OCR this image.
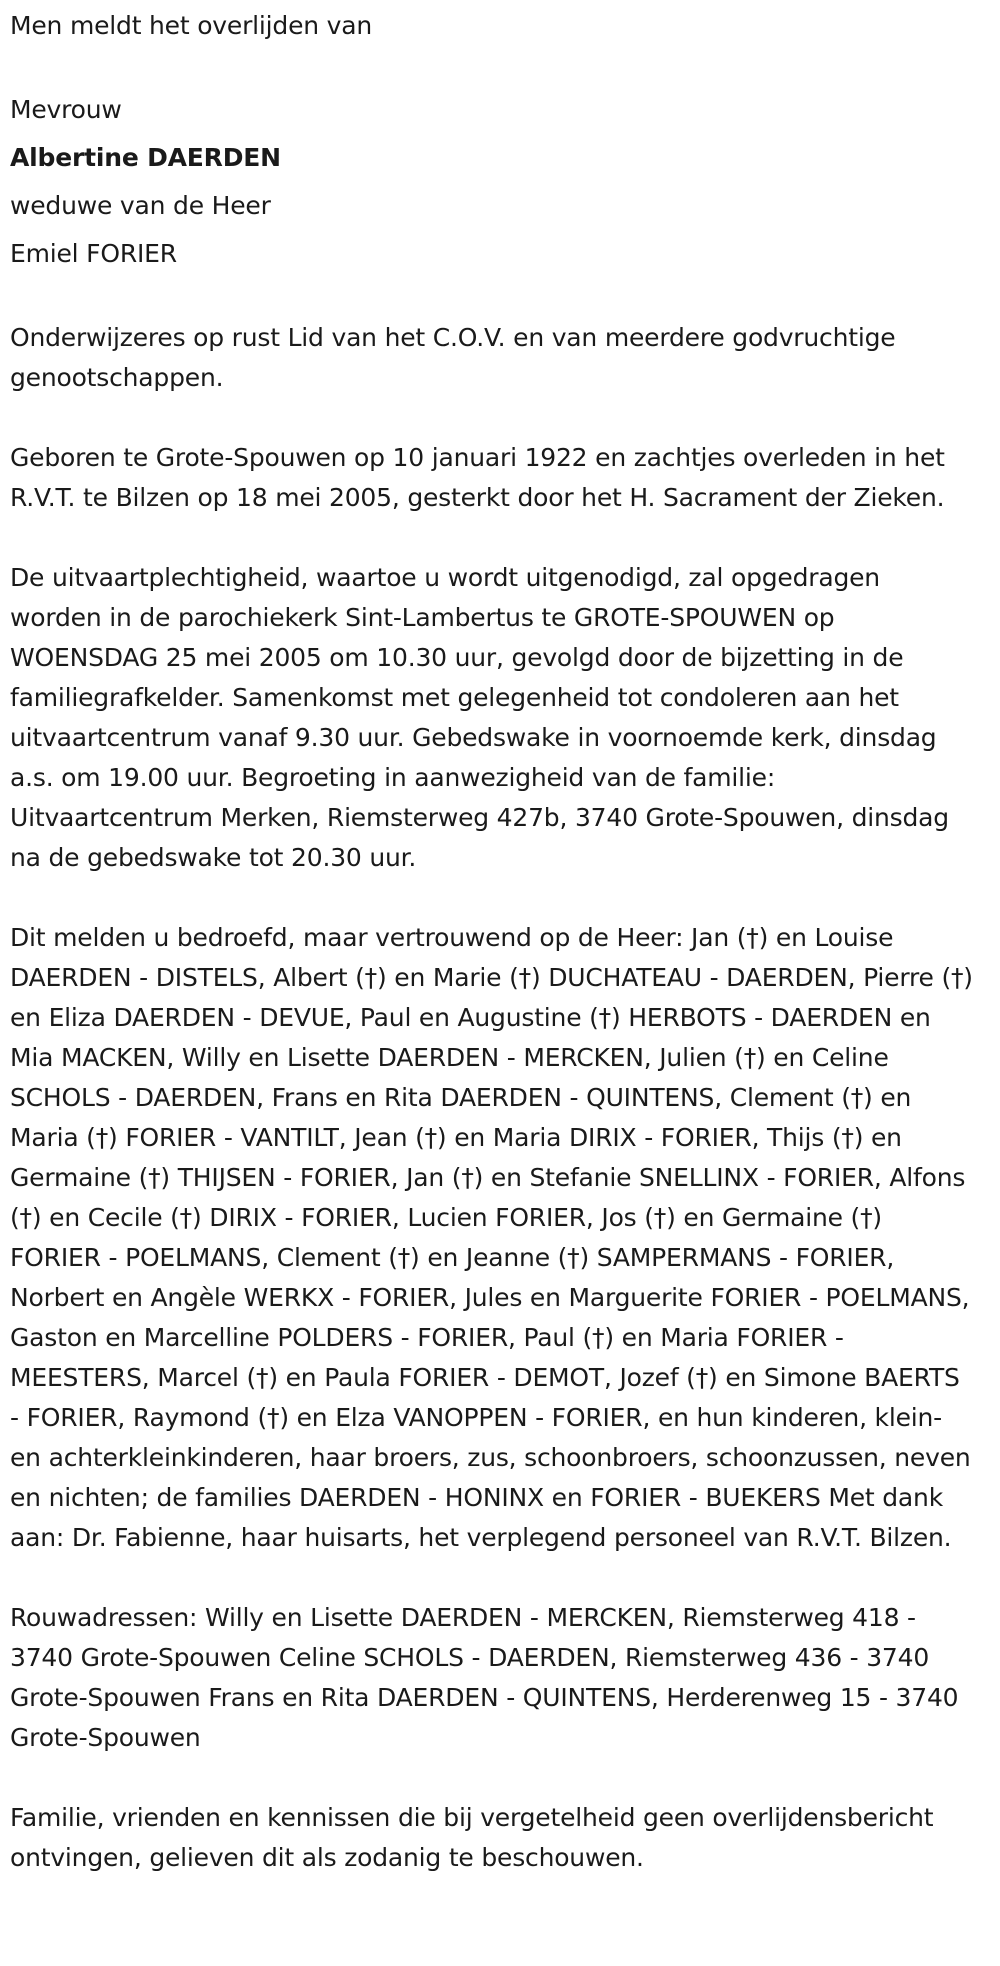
Men meldt het overlijden van

Mevrouw

Albertine DAERDEN

weduwe van de Heer

Emiel FORIER

Onderwijzeres op rust Lid van het C.O.V. en van meerdere godvruchtige genootschappen.

Geboren te Grote-Spouwen op 10 januari 1922 en zachtjes overleden in het R.V.T. te Bilzen op 18 mei 2005, gesterkt door het H. Sacrament der Zieken.

De uitvaartplechtigheid, waartoe u wordt uitgenodigd, zal opgedragen worden in de parochiekerk Sint-Lambertus te GROTE-SPOUWEN op WOENSDAG 25 mei 2005 om 10.30 uur, gevolgd door de bijzetting in de familiegrafkelder. Samenkomst met gelegenheid tot condoleren aan het uitvaartcentrum vanaf 9.30 uur. Gebedswake in voornoemde kerk, dinsdag a.s. om 19.00 uur. Begroeting in aanwezigheid van de familie: Uitvaartcentrum Merken, Riemsterweg 427b, 3740 Grote-Spouwen, dinsdag na de gebedswake tot 20.30 uur.

Dit melden u bedroefd, maar vertrouwend op de Heer: Jan (†) en Louise DAERDEN - DISTELS, Albert (†) en Marie (†) DUCHATEAU - DAERDEN, Pierre (†) en Eliza DAERDEN - DEVUE, Paul en Augustine (†) HERBOTS - DAERDEN en Mia MACKEN, Willy en Lisette DAERDEN - MERCKEN, Julien (†) en Celine SCHOLS - DAERDEN, Frans en Rita DAERDEN - QUINTENS, Clement (†) en Maria (†) FORIER - VANTILT, Jean (†) en Maria DIRIX - FORIER, Thijs (†) en Germaine (†) THIJSEN - FORIER, Jan (†) en Stefanie SNELLINX - FORIER, Alfons (†) en Cecile (†) DIRIX - FORIER, Lucien FORIER, Jos (†) en Germaine (†) FORIER - POELMANS, Clement (†) en Jeanne (†) SAMPERMANS - FORIER, Norbert en Angèle WERKX - FORIER, Jules en Marguerite FORIER - POELMANS, Gaston en Marcelline POLDERS - FORIER, Paul (†) en Maria FORIER - MEESTERS, Marcel (†) en Paula FORIER - DEMOT, Jozef (†) en Simone BAERTS - FORIER, Raymond (†) en Elza VANOPPEN - FORIER, en hun kinderen, klein- en achterkleinkinderen, haar broers, zus, schoonbroers, schoonzussen, neven en nichten; de families DAERDEN - HONINX en FORIER - BUEKERS Met dank aan: Dr. Fabienne, haar huisarts, het verplegend personeel van R.V.T. Bilzen.

Rouwadressen: Willy en Lisette DAERDEN - MERCKEN, Riemsterweg 418 - 3740 Grote-Spouwen Celine SCHOLS - DAERDEN, Riemsterweg 436 - 3740 Grote-Spouwen Frans en Rita DAERDEN - QUINTENS, Herderenweg 15 - 3740 Grote-Spouwen

Familie, vrienden en kennissen die bij vergetelheid geen overlijdensbericht ontvingen, gelieven dit als zodanig te beschouwen.
